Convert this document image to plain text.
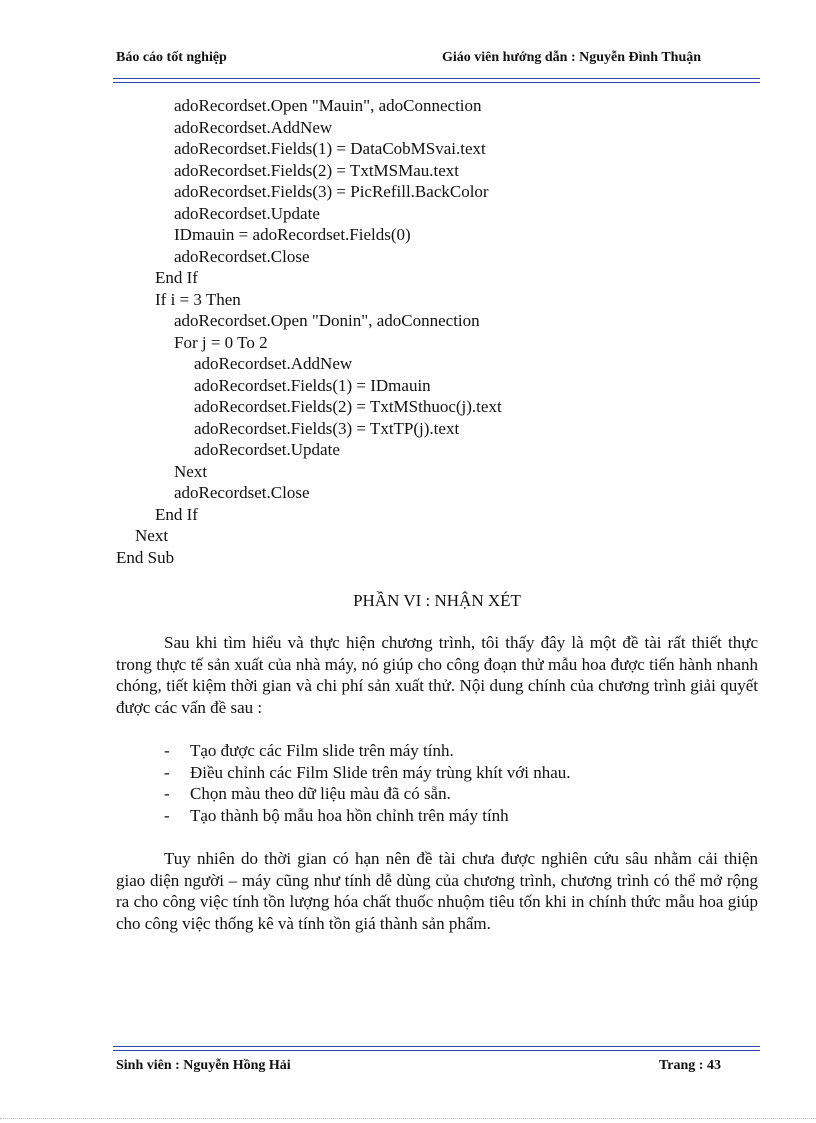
Báo cáo tốt nghiệp	Giáo viên hướng dẫn : Nguyễn Đình Thuận
adoRecordset.Open "Mauin", adoConnection
adoRecordset.AddNew
adoRecordset.Fields(1) = DataCobMSvai.text
adoRecordset.Fields(2) = TxtMSMau.text
adoRecordset.Fields(3) = PicRefill.BackColor
adoRecordset.Update
IDmauin = adoRecordset.Fields(0)
adoRecordset.Close
End If
If i = 3 Then
adoRecordset.Open "Donin", adoConnection
For j = 0 To 2
adoRecordset.AddNew
adoRecordset.Fields(1) = IDmauin
adoRecordset.Fields(2) = TxtMSthuoc(j).text
adoRecordset.Fields(3) = TxtTP(j).text
adoRecordset.Update
Next
adoRecordset.Close
End If
Next
End Sub
PHẦN VI : NHẬN XÉT

Sau khi tìm hiểu và thực hiện chương trình, tôi thấy đây là một đề tài rất thiết thực trong thực tế sản xuất của nhà máy, nó giúp cho công đoạn thử mẫu hoa được tiến hành nhanh chóng, tiết kiệm thời gian và chi phí sản xuất thử. Nội dung chính của chương trình giải quyết được các vấn đề sau :

- Tạo được các Film slide trên máy tính.
- Điều chỉnh các Film Slide trên máy trùng khít với nhau.
- Chọn màu theo dữ liệu màu đã có sẵn.
- Tạo thành bộ mẫu hoa hồn chỉnh trên máy tính

Tuy nhiên do thời gian có hạn nên đề tài chưa được nghiên cứu sâu nhằm cải thiện giao diện người – máy cũng như tính dễ dùng của chương trình, chương trình có thể mở rộng ra cho công việc tính tồn lượng hóa chất thuốc nhuộm tiêu tốn khi in chính thức mẫu hoa giúp cho công việc thống kê và tính tồn giá thành sản phẩm.

Sinh viên : Nguyễn Hồng Hải	Trang : 43
